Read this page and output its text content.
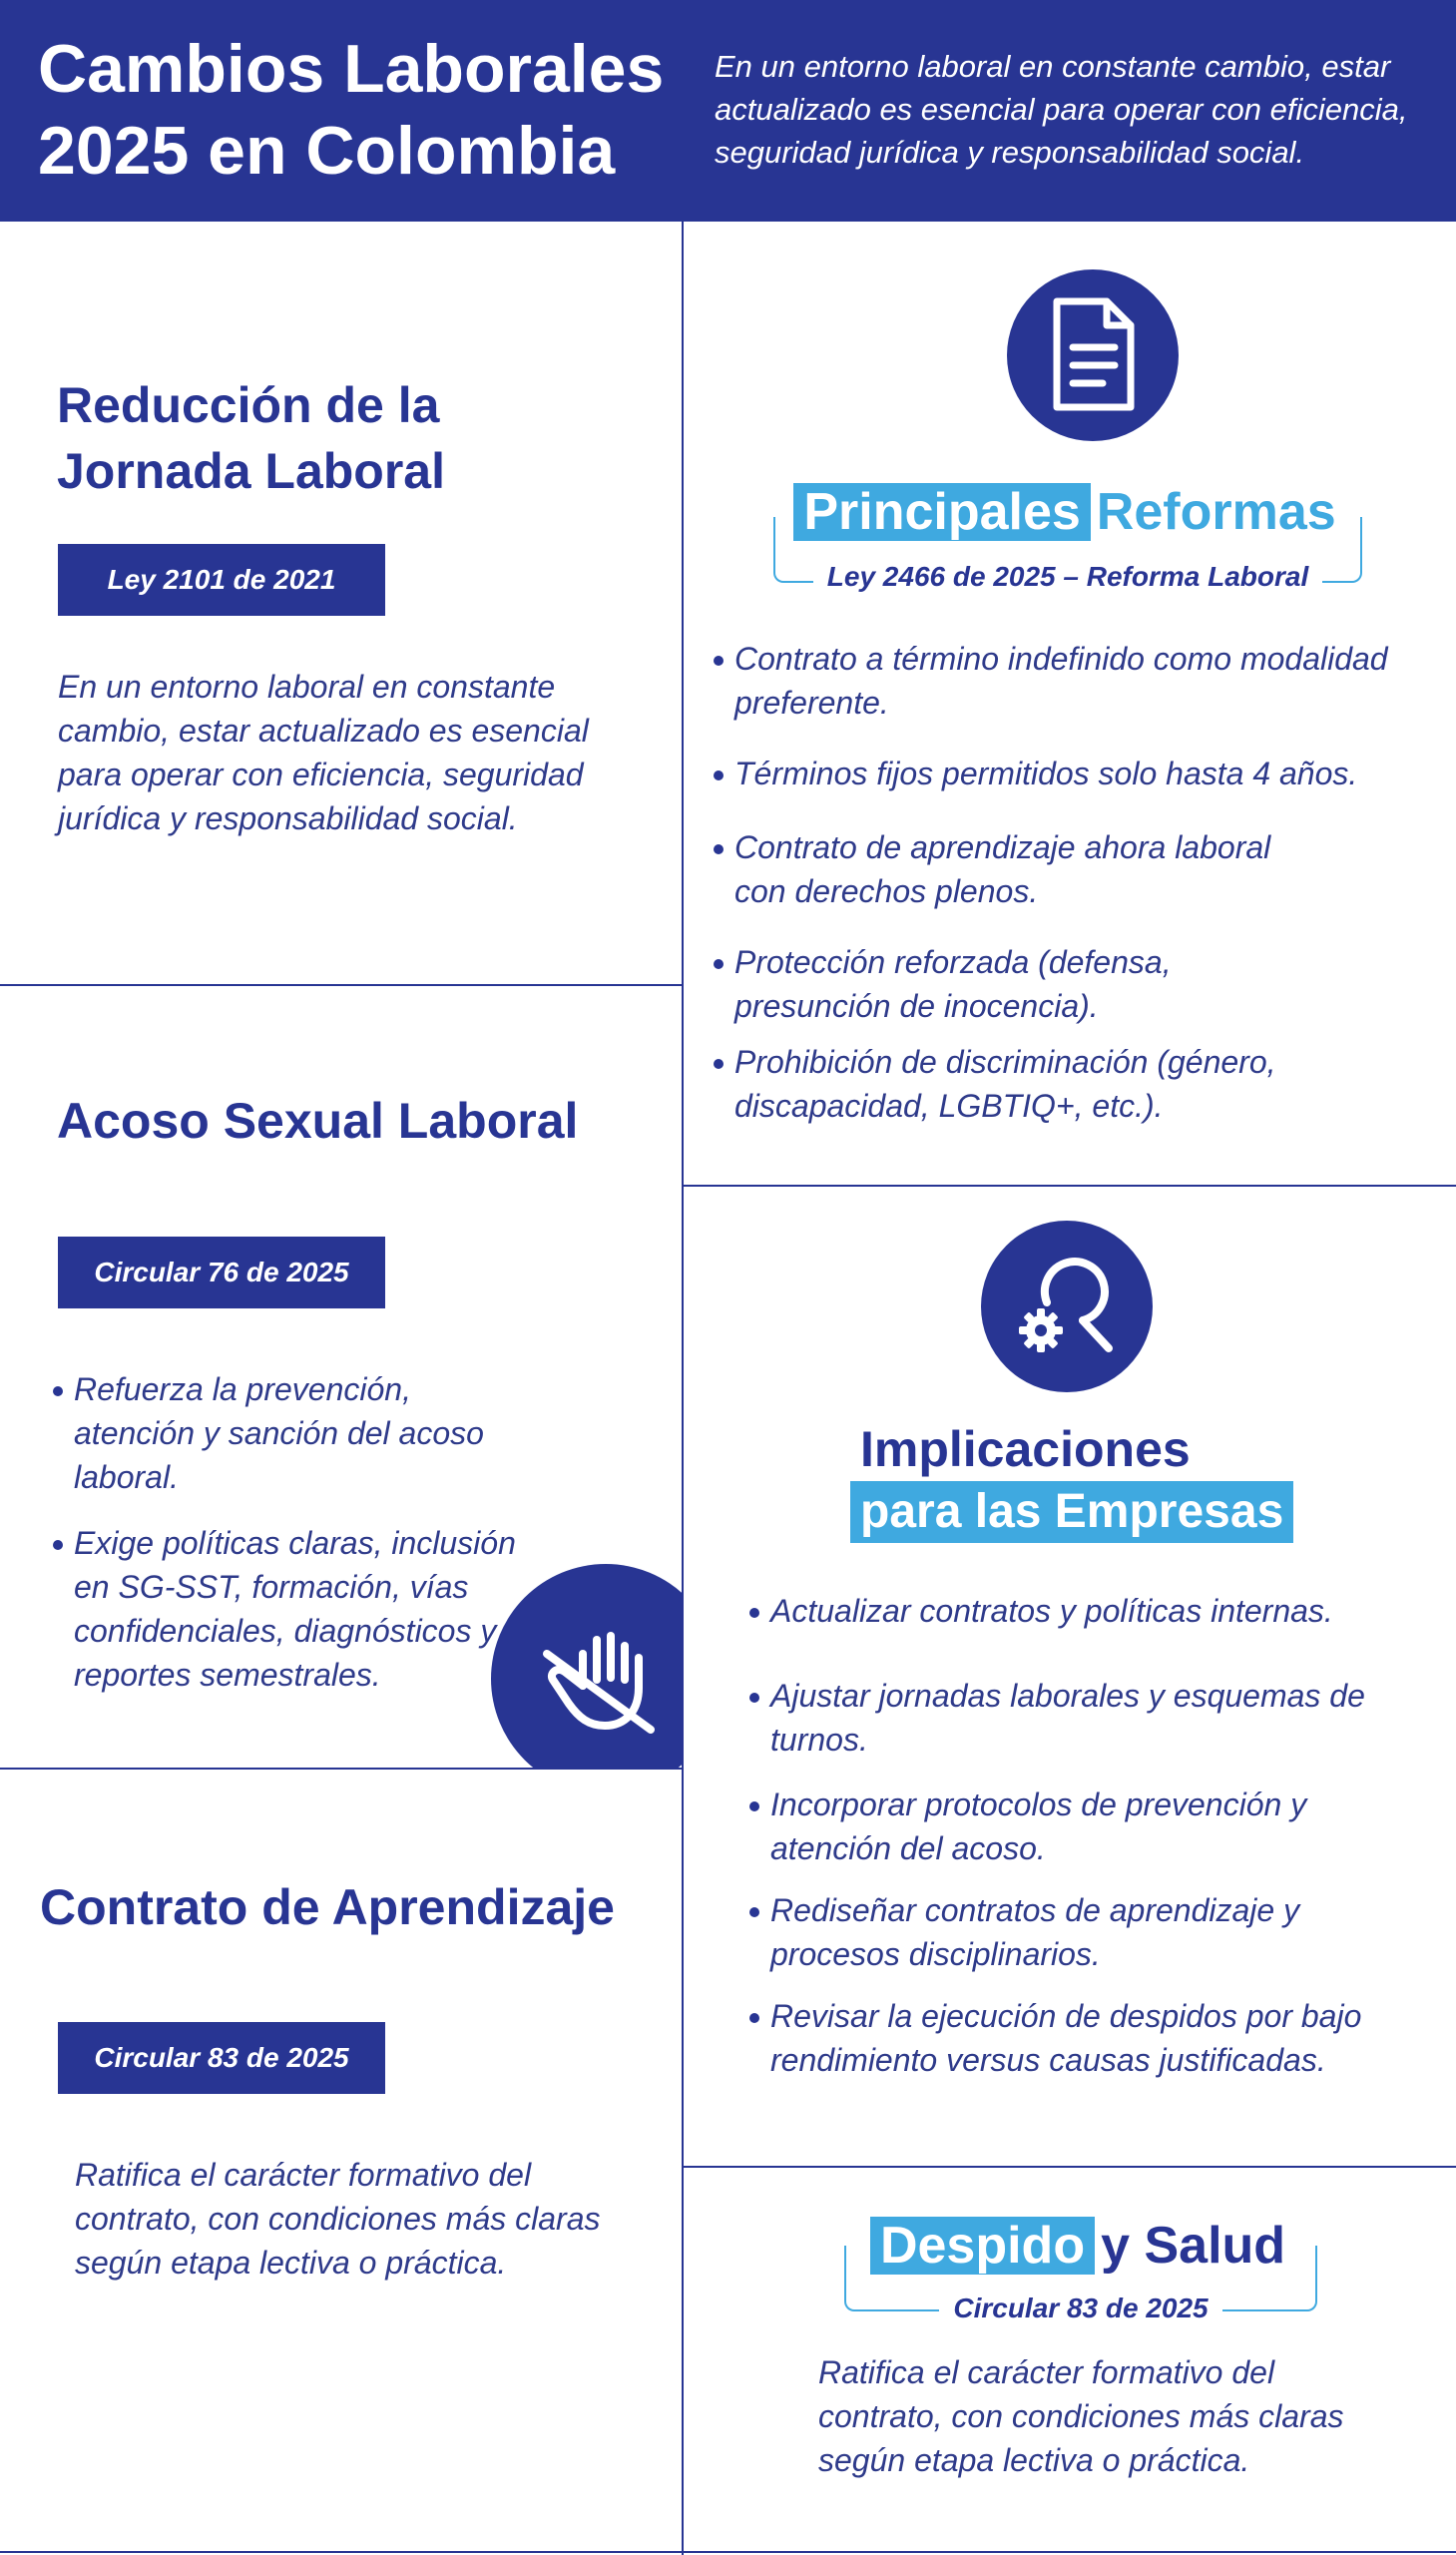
Cambios Laborales 2025 en Colombia

En un entorno laboral en constante cambio, estar actualizado es esencial para operar con eficiencia, seguridad jurídica y responsabilidad social.

Reducción de la Jornada Laboral
Ley 2101 de 2021

En un entorno laboral en constante cambio, estar actualizado es esencial para operar con eficiencia, seguridad jurídica y responsabilidad social.

Acoso Sexual Laboral
Circular 76 de 2025
Refuerza la prevención, atención y sanción del acoso laboral.
Exige políticas claras, inclusión en SG-SST, formación, vías confidenciales, diagnósticos y reportes semestrales.
Contrato de Aprendizaje
Circular 83 de 2025

Ratifica el carácter formativo del contrato, con condiciones más claras según etapa lectiva o práctica.

Principales Reformas
Ley 2466 de 2025 – Reforma Laboral
Contrato a término indefinido como modalidad preferente.
Términos fijos permitidos solo hasta 4 años.
Contrato de aprendizaje ahora laboral con derechos plenos.
Protección reforzada (defensa, presunción de inocencia).
Prohibición de discriminación (género, discapacidad, LGBTIQ+, etc.).
Implicaciones
para las Empresas
Actualizar contratos y políticas internas.
Ajustar jornadas laborales y esquemas de turnos.
Incorporar protocolos de prevención y atención del acoso.
Rediseñar contratos de aprendizaje y procesos disciplinarios.
Revisar la ejecución de despidos por bajo rendimiento versus causas justificadas.
Despido y Salud
Circular 83 de 2025

Ratifica el carácter formativo del contrato, con condiciones más claras según etapa lectiva o práctica.
